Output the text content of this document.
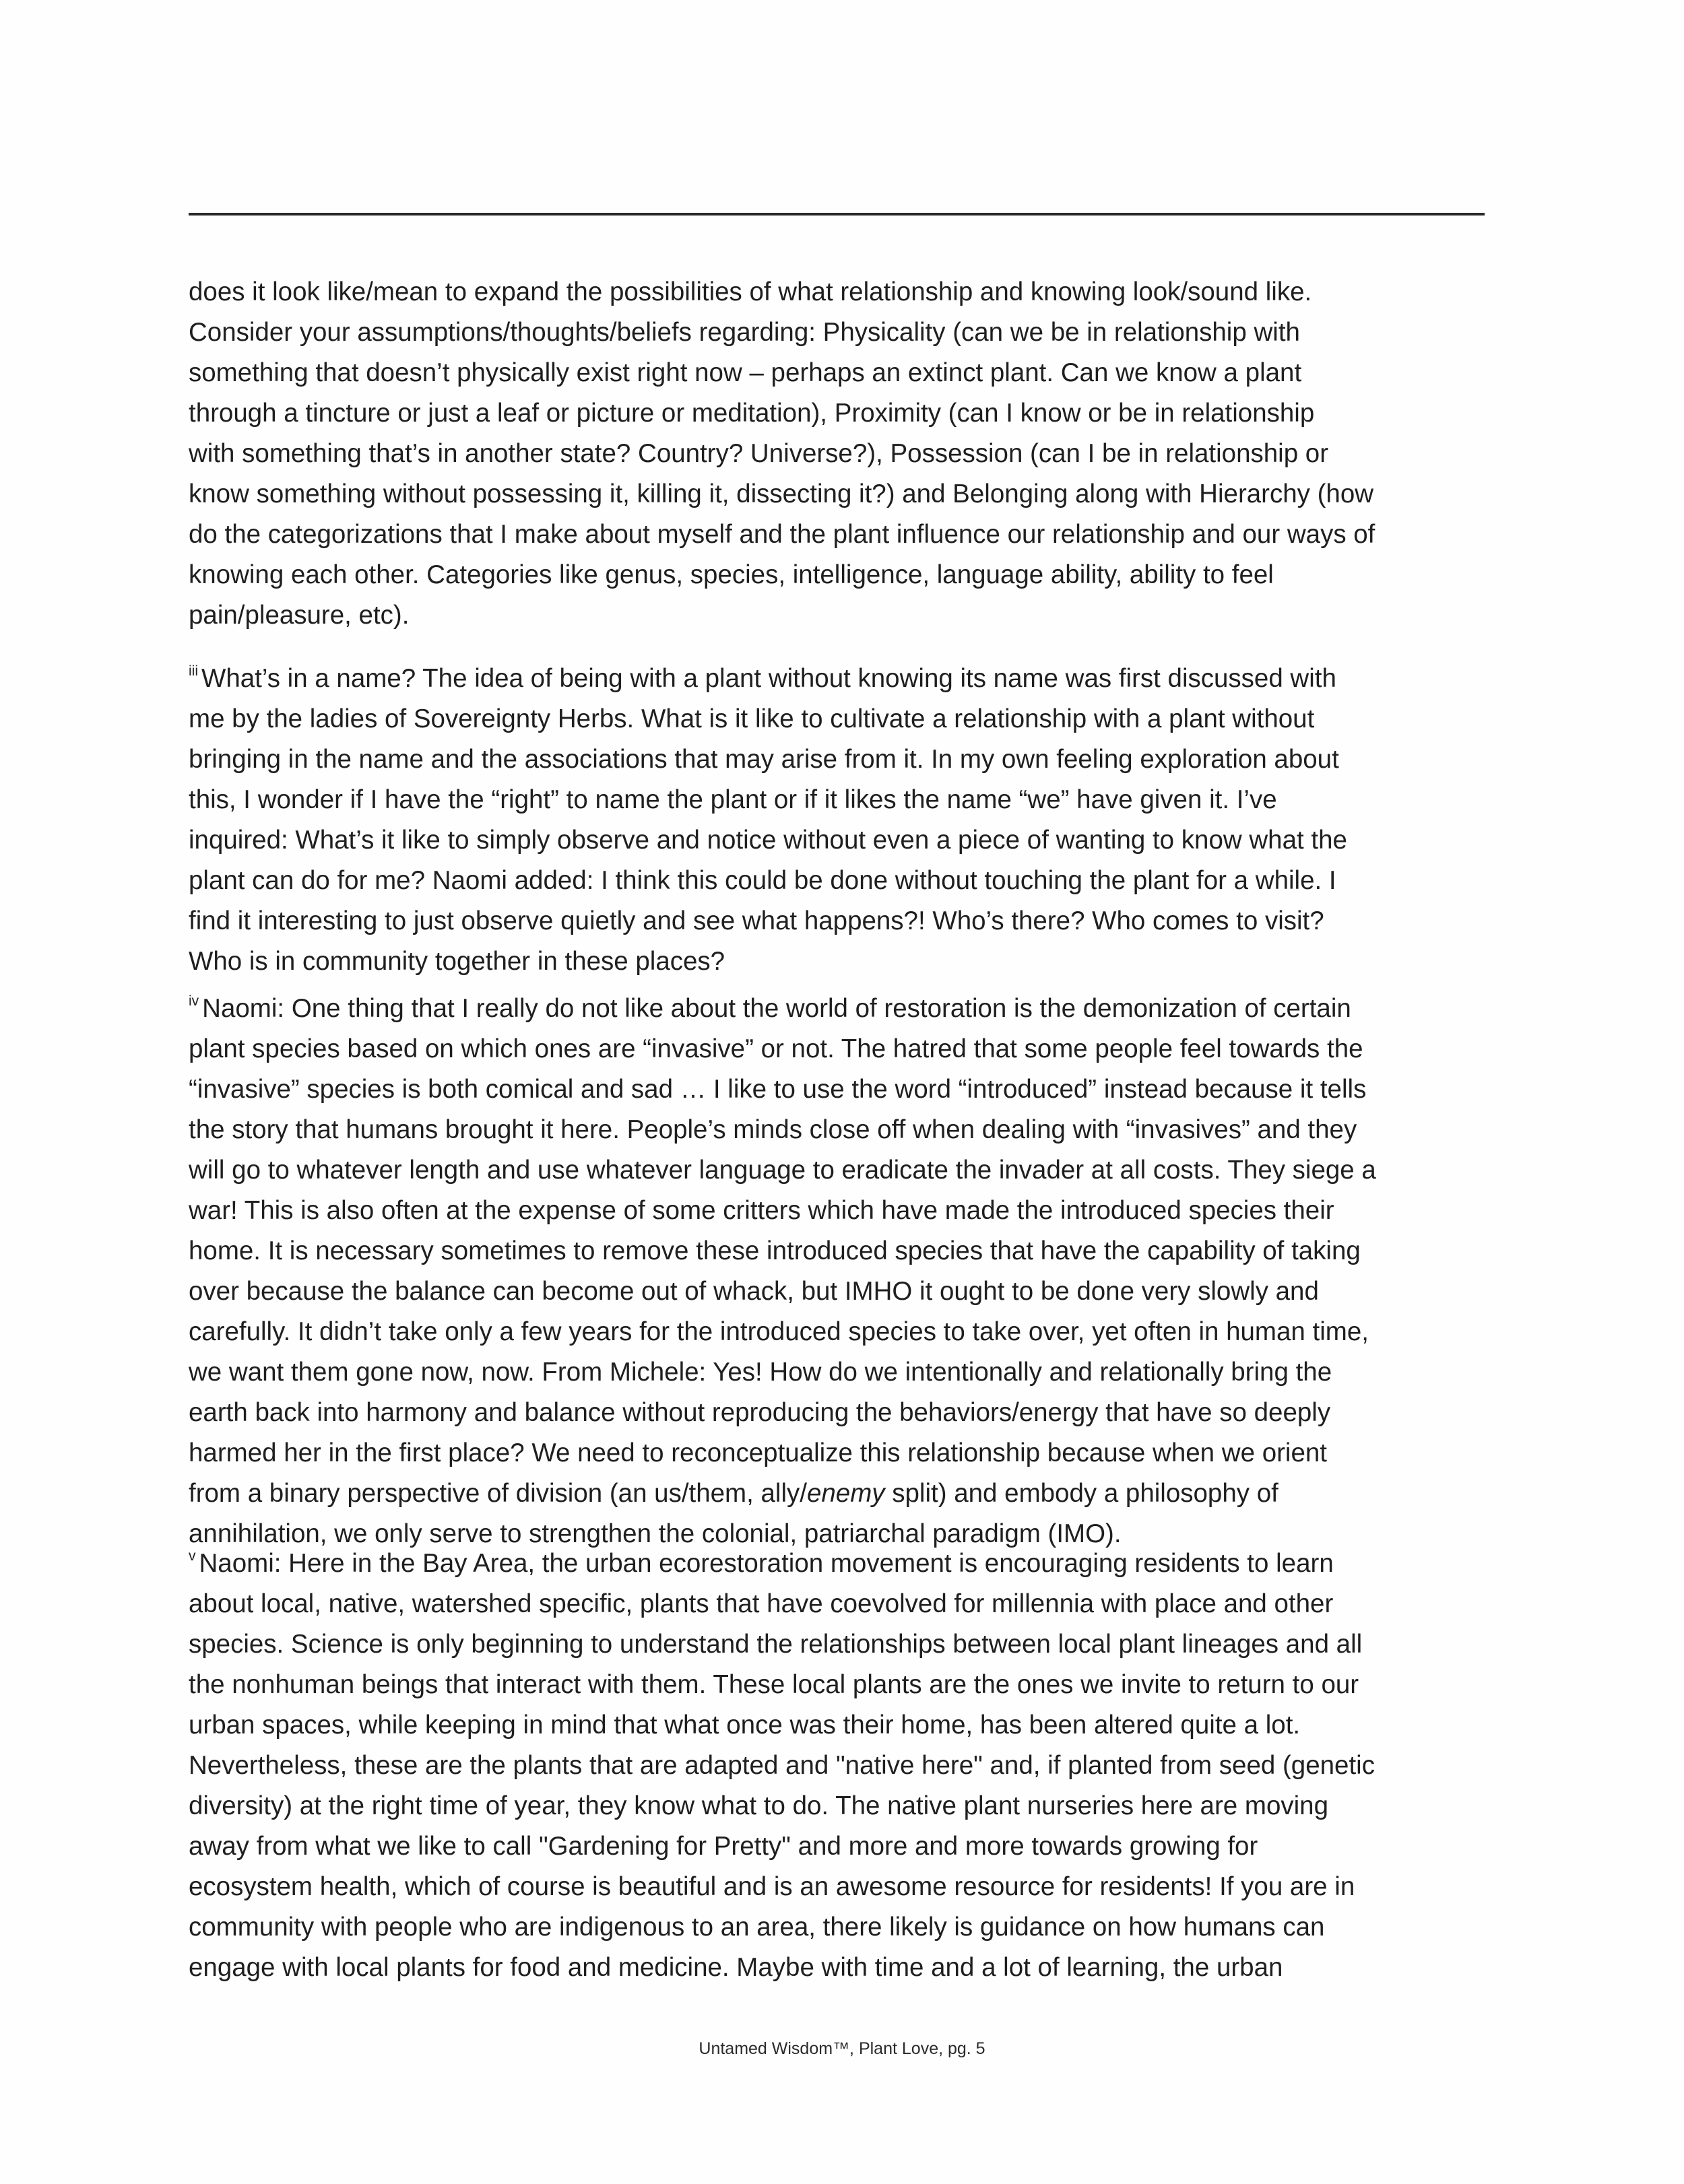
does it look like/mean to expand the possibilities of what relationship and knowing look/sound like.
Consider your assumptions/thoughts/beliefs regarding: Physicality (can we be in relationship with
something that doesn’t physically exist right now – perhaps an extinct plant. Can we know a plant
through a tincture or just a leaf or picture or meditation), Proximity (can I know or be in relationship
with something that’s in another state? Country? Universe?), Possession (can I be in relationship or
know something without possessing it, killing it, dissecting it?) and Belonging along with Hierarchy (how
do the categorizations that I make about myself and the plant influence our relationship and our ways of
knowing each other. Categories like genus, species, intelligence, language ability, ability to feel
pain/pleasure, etc).

$^{iii}$ What’s in a name? The idea of being with a plant without knowing its name was first discussed with
me by the ladies of Sovereignty Herbs. What is it like to cultivate a relationship with a plant without
bringing in the name and the associations that may arise from it. In my own feeling exploration about
this, I wonder if I have the “right” to name the plant or if it likes the name “we” have given it. I’ve
inquired: What’s it like to simply observe and notice without even a piece of wanting to know what the
plant can do for me? Naomi added: I think this could be done without touching the plant for a while. I
find it interesting to just observe quietly and see what happens?! Who’s there? Who comes to visit?
Who is in community together in these places?

$^{iv}$ Naomi: One thing that I really do not like about the world of restoration is the demonization of certain
plant species based on which ones are “invasive” or not. The hatred that some people feel towards the
“invasive” species is both comical and sad … I like to use the word “introduced” instead because it tells
the story that humans brought it here. People’s minds close off when dealing with “invasives” and they
will go to whatever length and use whatever language to eradicate the invader at all costs. They siege a
war! This is also often at the expense of some critters which have made the introduced species their
home. It is necessary sometimes to remove these introduced species that have the capability of taking
over because the balance can become out of whack, but IMHO it ought to be done very slowly and
carefully. It didn’t take only a few years for the introduced species to take over, yet often in human time,
we want them gone now, now. From Michele: Yes! How do we intentionally and relationally bring the
earth back into harmony and balance without reproducing the behaviors/energy that have so deeply
harmed her in the first place? We need to reconceptualize this relationship because when we orient
from a binary perspective of division (an us/them, ally/enemy split) and embody a philosophy of
annihilation, we only serve to strengthen the colonial, patriarchal paradigm (IMO).

$^v$ Naomi: Here in the Bay Area, the urban ecorestoration movement is encouraging residents to learn
about local, native, watershed specific, plants that have coevolved for millennia with place and other
species. Science is only beginning to understand the relationships between local plant lineages and all
the nonhuman beings that interact with them. These local plants are the ones we invite to return to our
urban spaces, while keeping in mind that what once was their home, has been altered quite a lot.
Nevertheless, these are the plants that are adapted and "native here" and, if planted from seed (genetic
diversity) at the right time of year, they know what to do. The native plant nurseries here are moving
away from what we like to call "Gardening for Pretty" and more and more towards growing for
ecosystem health, which of course is beautiful and is an awesome resource for residents! If you are in
community with people who are indigenous to an area, there likely is guidance on how humans can
engage with local plants for food and medicine. Maybe with time and a lot of learning, the urban

Untamed Wisdom™, Plant Love, pg. 5
